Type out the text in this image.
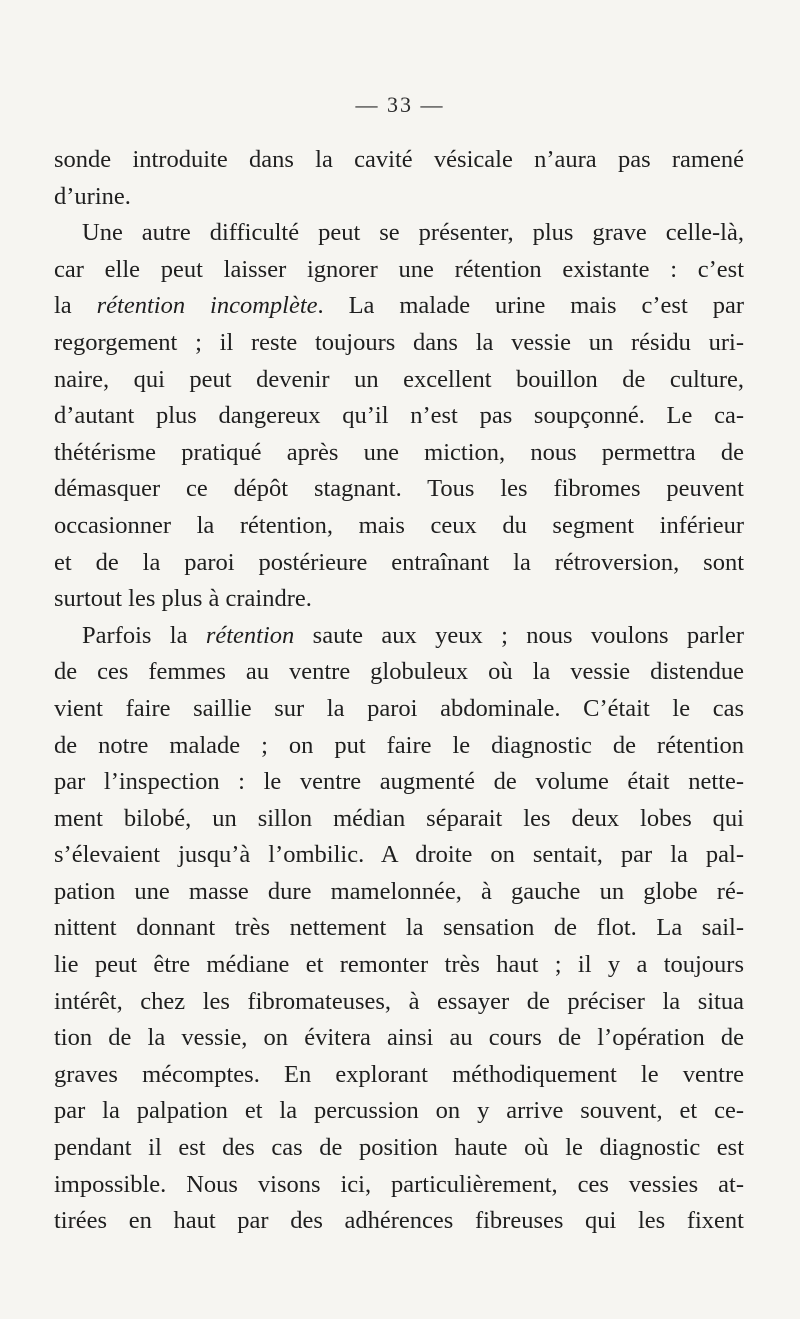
— 33 —
sonde introduite dans la cavité vésicale n’aura pas ramené
d’urine.
Une autre difficulté peut se présenter, plus grave celle-là,
car elle peut laisser ignorer une rétention existante : c’est
la rétention incomplète. La malade urine mais c’est par
regorgement ; il reste toujours dans la vessie un résidu uri-
naire, qui peut devenir un excellent bouillon de culture,
d’autant plus dangereux qu’il n’est pas soupçonné. Le ca-
thétérisme pratiqué après une miction, nous permettra de
démasquer ce dépôt stagnant. Tous les fibromes peuvent
occasionner la rétention, mais ceux du segment inférieur
et de la paroi postérieure entraînant la rétroversion, sont
surtout les plus à craindre.
Parfois la rétention saute aux yeux ; nous voulons parler
de ces femmes au ventre globuleux où la vessie distendue
vient faire saillie sur la paroi abdominale. C’était le cas
de notre malade ; on put faire le diagnostic de rétention
par l’inspection : le ventre augmenté de volume était nette-
ment bilobé, un sillon médian séparait les deux lobes qui
s’élevaient jusqu’à l’ombilic. A droite on sentait, par la pal-
pation une masse dure mamelonnée, à gauche un globe ré-
nittent donnant très nettement la sensation de flot. La sail-
lie peut être médiane et remonter très haut ; il y a toujours
intérêt, chez les fibromateuses, à essayer de préciser la situa
tion de la vessie, on évitera ainsi au cours de l’opération de
graves mécomptes. En explorant méthodiquement le ventre
par la palpation et la percussion on y arrive souvent, et ce-
pendant il est des cas de position haute où le diagnostic est
impossible. Nous visons ici, particulièrement, ces vessies at-
tirées en haut par des adhérences fibreuses qui les fixent
